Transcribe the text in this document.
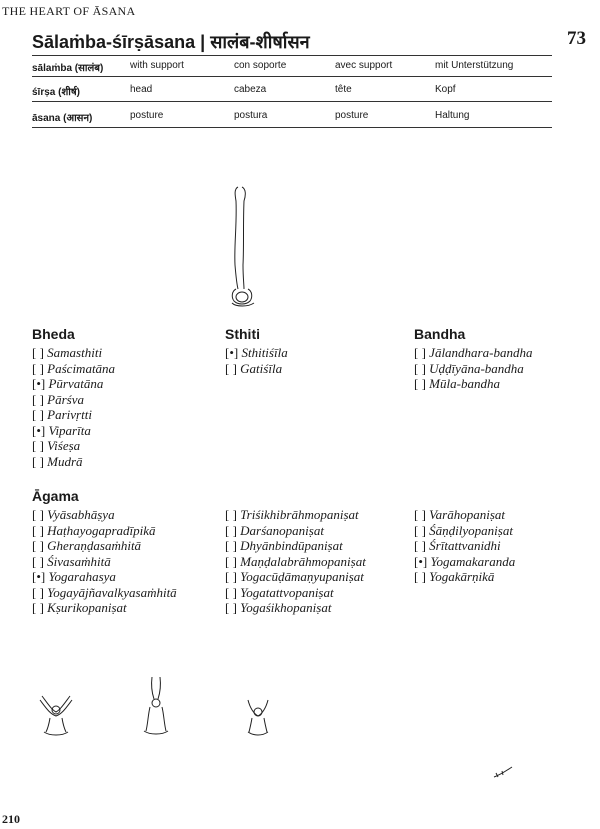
THE HEART OF ĀSANA
73
Sālaṁba-śīrṣāsana | सालंब-शीर्षासन
sālaṁba (सालंब)	with support	con soporte	avec support	mit Unterstützung
śīrṣa (शीर्ष)	head	cabeza	tête	Kopf
āsana (आसन)	posture	postura	posture	Haltung
Bheda
[ ] Samasthiti
[ ] Paścimatāna
[•] Pūrvatāna
[ ] Pārśva
[ ] Parivṛtti
[•] Viparīta
[ ] Viśeṣa
[ ] Mudrā
Sthiti
[•] Sthitiśīla
[ ] Gatiśīla
Bandha
[ ] Jālandhara-bandha
[ ] Uḍḍīyāna-bandha
[ ] Mūla-bandha
Āgama
[ ] Vyāsabhāṣya
[ ] Haṭhayogapradīpikā
[ ] Gheraṇḍasaṁhitā
[ ] Śivasaṁhitā
[•] Yogarahasya
[ ] Yogayājñavalkyasaṁhitā
[ ] Kṣurikopaniṣat
[ ] Triśikhibrāhmopaniṣat
[ ] Darśanopaniṣat
[ ] Dhyānbindūpaniṣat
[ ] Maṇḍalabrāhmopaniṣat
[ ] Yogacūḍāmaṇyupaniṣat
[ ] Yogatattvopaniṣat
[ ] Yogaśikhopaniṣat
[ ] Varāhopaniṣat
[ ] Śāṇḍilyopaniṣat
[ ] Śrītattvanidhi
[•] Yogamakaranda
[ ] Yogakārṇikā
210
